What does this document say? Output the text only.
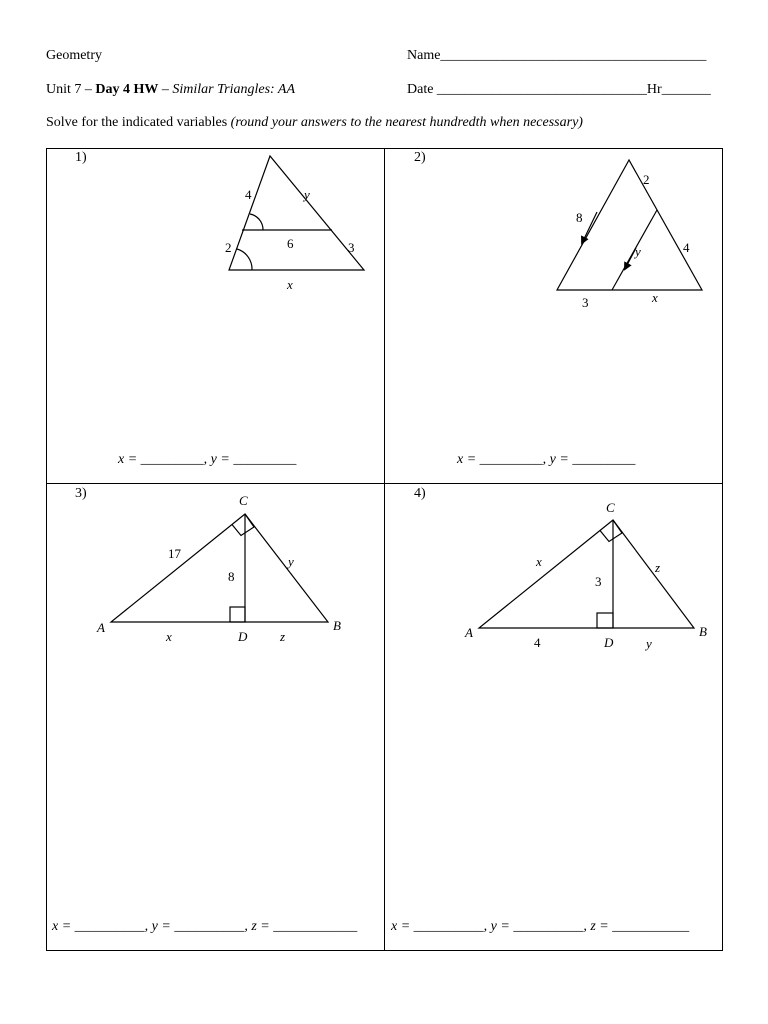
Geometry	Name______________________________________
Unit 7 – Day 4 HW – Similar Triangles: AA	Date ______________________________Hr_______
Solve for the indicated variables (round your answers to the nearest hundredth when necessary)
1)	2)
3)	4)
4	y
6
2	3
x
8
2
4
y
3	x
C
A	B
D
17
y
8
x	z
C
A	B
D
x	z
3
4	y
x = _________, y = _________	x = _________, y = _________
x = __________, y = __________, z = ____________ x = __________, y = __________, z = ___________
